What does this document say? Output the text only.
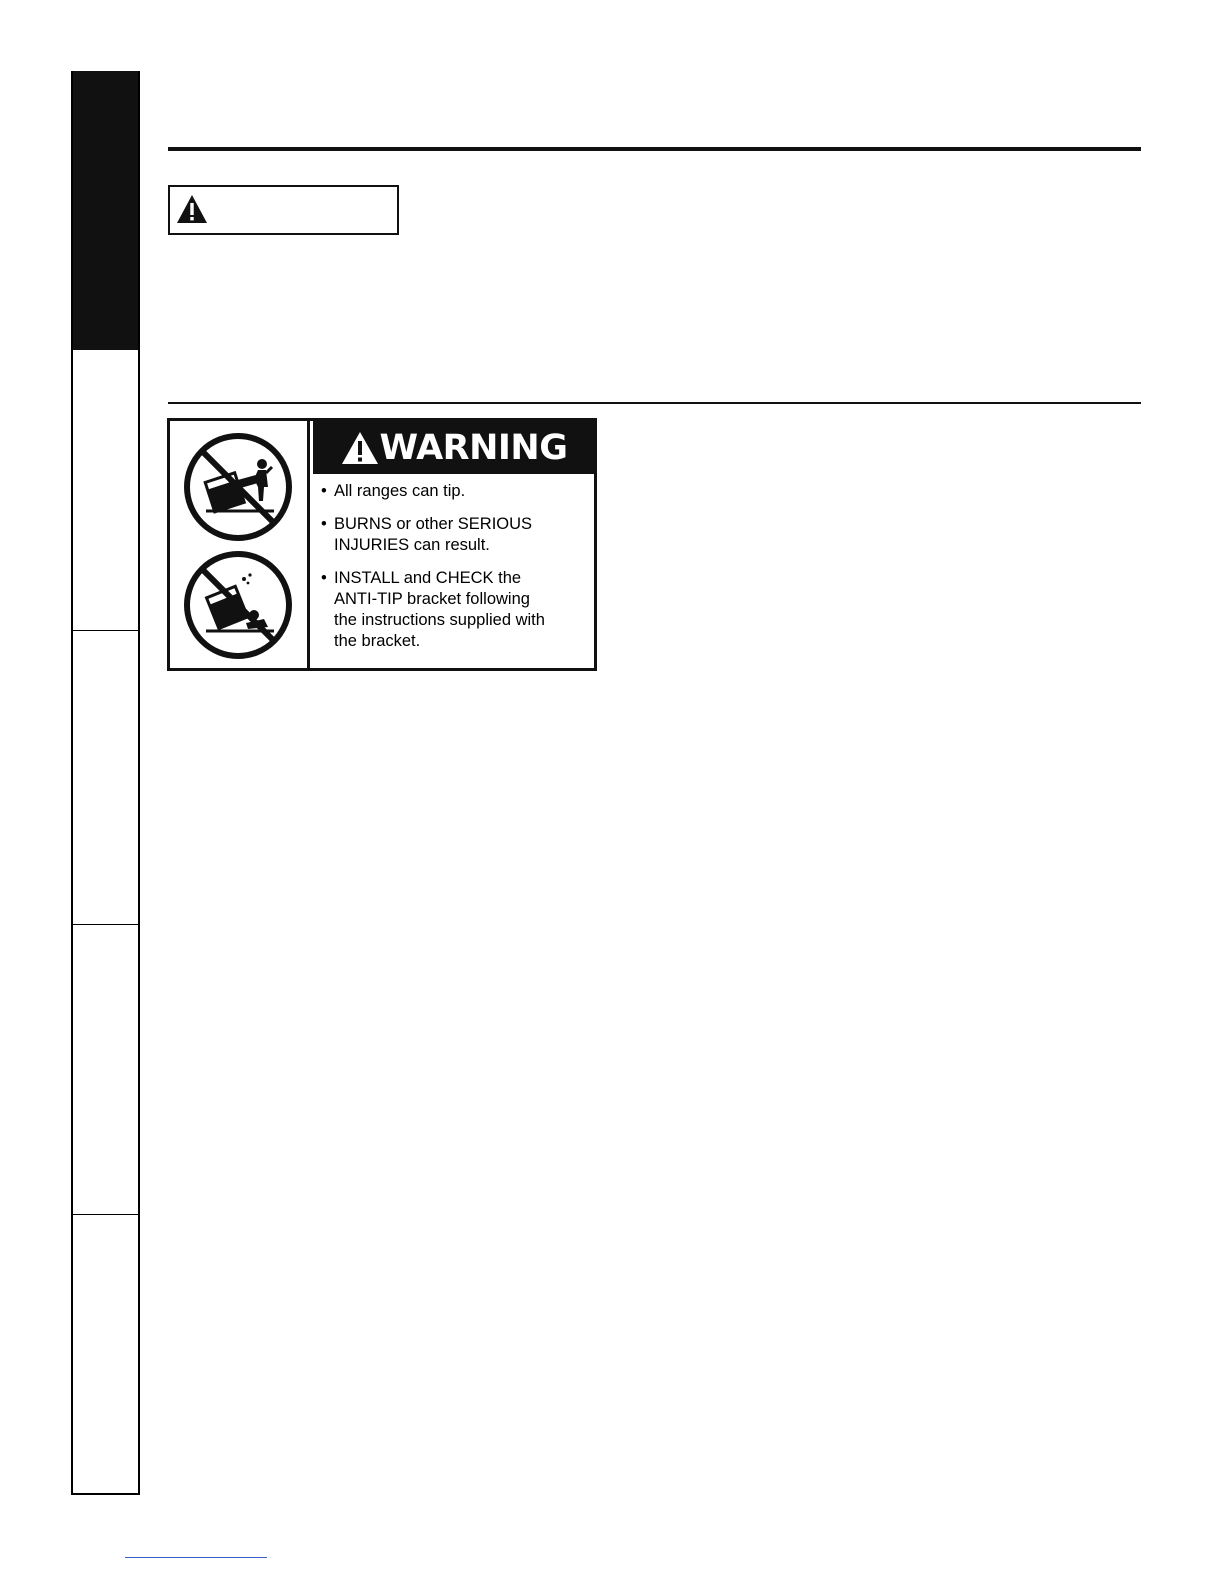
WARNING
• All ranges can tip.
• BURNS or other SERIOUS INJURIES can result.
• INSTALL and CHECK the ANTI-TIP bracket following the instructions supplied with the bracket.
